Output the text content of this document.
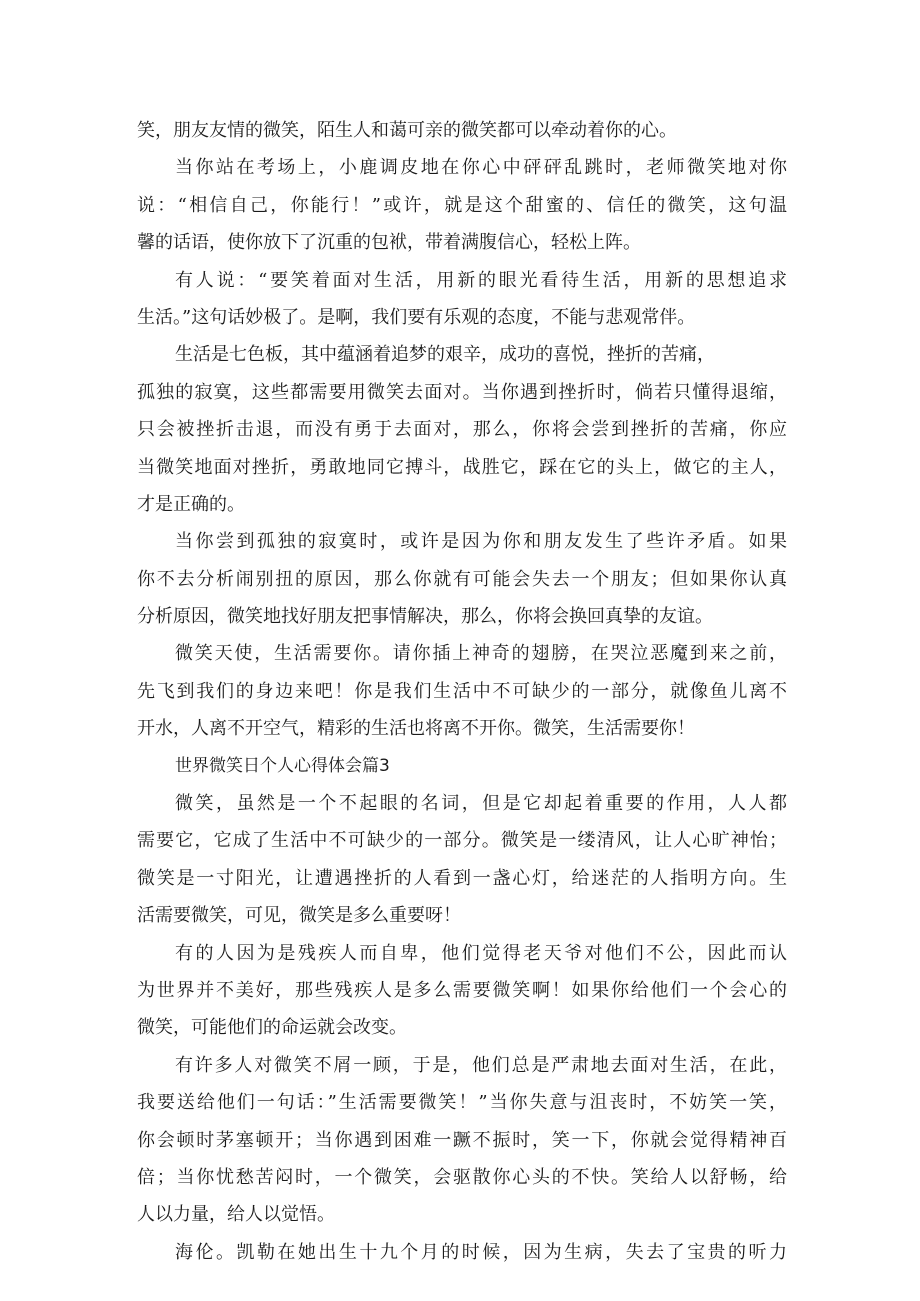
笑，朋友友情的微笑，陌生人和蔼可亲的微笑都可以牵动着你的心。
当你站在考场上，小鹿调皮地在你心中砰砰乱跳时，老师微笑地对你
说：“相信自己，你能行！”或许，就是这个甜蜜的、信任的微笑，这句温
馨的话语，使你放下了沉重的包袱，带着满腹信心，轻松上阵。
有人说：“要笑着面对生活，用新的眼光看待生活，用新的思想追求
生活。”这句话妙极了。是啊，我们要有乐观的态度，不能与悲观常伴。
生活是七色板，其中蕴涵着追梦的艰辛，成功的喜悦，挫折的苦痛，
孤独的寂寞，这些都需要用微笑去面对。当你遇到挫折时，倘若只懂得退缩，
只会被挫折击退，而没有勇于去面对，那么，你将会尝到挫折的苦痛，你应
当微笑地面对挫折，勇敢地同它搏斗，战胜它，踩在它的头上，做它的主人，
才是正确的。
当你尝到孤独的寂寞时，或许是因为你和朋友发生了些许矛盾。如果
你不去分析闹别扭的原因，那么你就有可能会失去一个朋友；但如果你认真
分析原因，微笑地找好朋友把事情解决，那么，你将会换回真挚的友谊。
微笑天使，生活需要你。请你插上神奇的翅膀，在哭泣恶魔到来之前，
先飞到我们的身边来吧！你是我们生活中不可缺少的一部分，就像鱼儿离不
开水，人离不开空气，精彩的生活也将离不开你。微笑，生活需要你！
世界微笑日个人心得体会篇3
微笑，虽然是一个不起眼的名词，但是它却起着重要的作用，人人都
需要它，它成了生活中不可缺少的一部分。微笑是一缕清风，让人心旷神怡；
微笑是一寸阳光，让遭遇挫折的人看到一盏心灯，给迷茫的人指明方向。生
活需要微笑，可见，微笑是多么重要呀！
有的人因为是残疾人而自卑，他们觉得老天爷对他们不公，因此而认
为世界并不美好，那些残疾人是多么需要微笑啊！如果你给他们一个会心的
微笑，可能他们的命运就会改变。
有许多人对微笑不屑一顾，于是，他们总是严肃地去面对生活，在此，
我要送给他们一句话：”生活需要微笑！”当你失意与沮丧时，不妨笑一笑，
你会顿时茅塞顿开；当你遇到困难一蹶不振时，笑一下，你就会觉得精神百
倍；当你忧愁苦闷时，一个微笑，会驱散你心头的不快。笑给人以舒畅，给
人以力量，给人以觉悟。
海伦。凯勒在她出生十九个月的时候，因为生病，失去了宝贵的听力
